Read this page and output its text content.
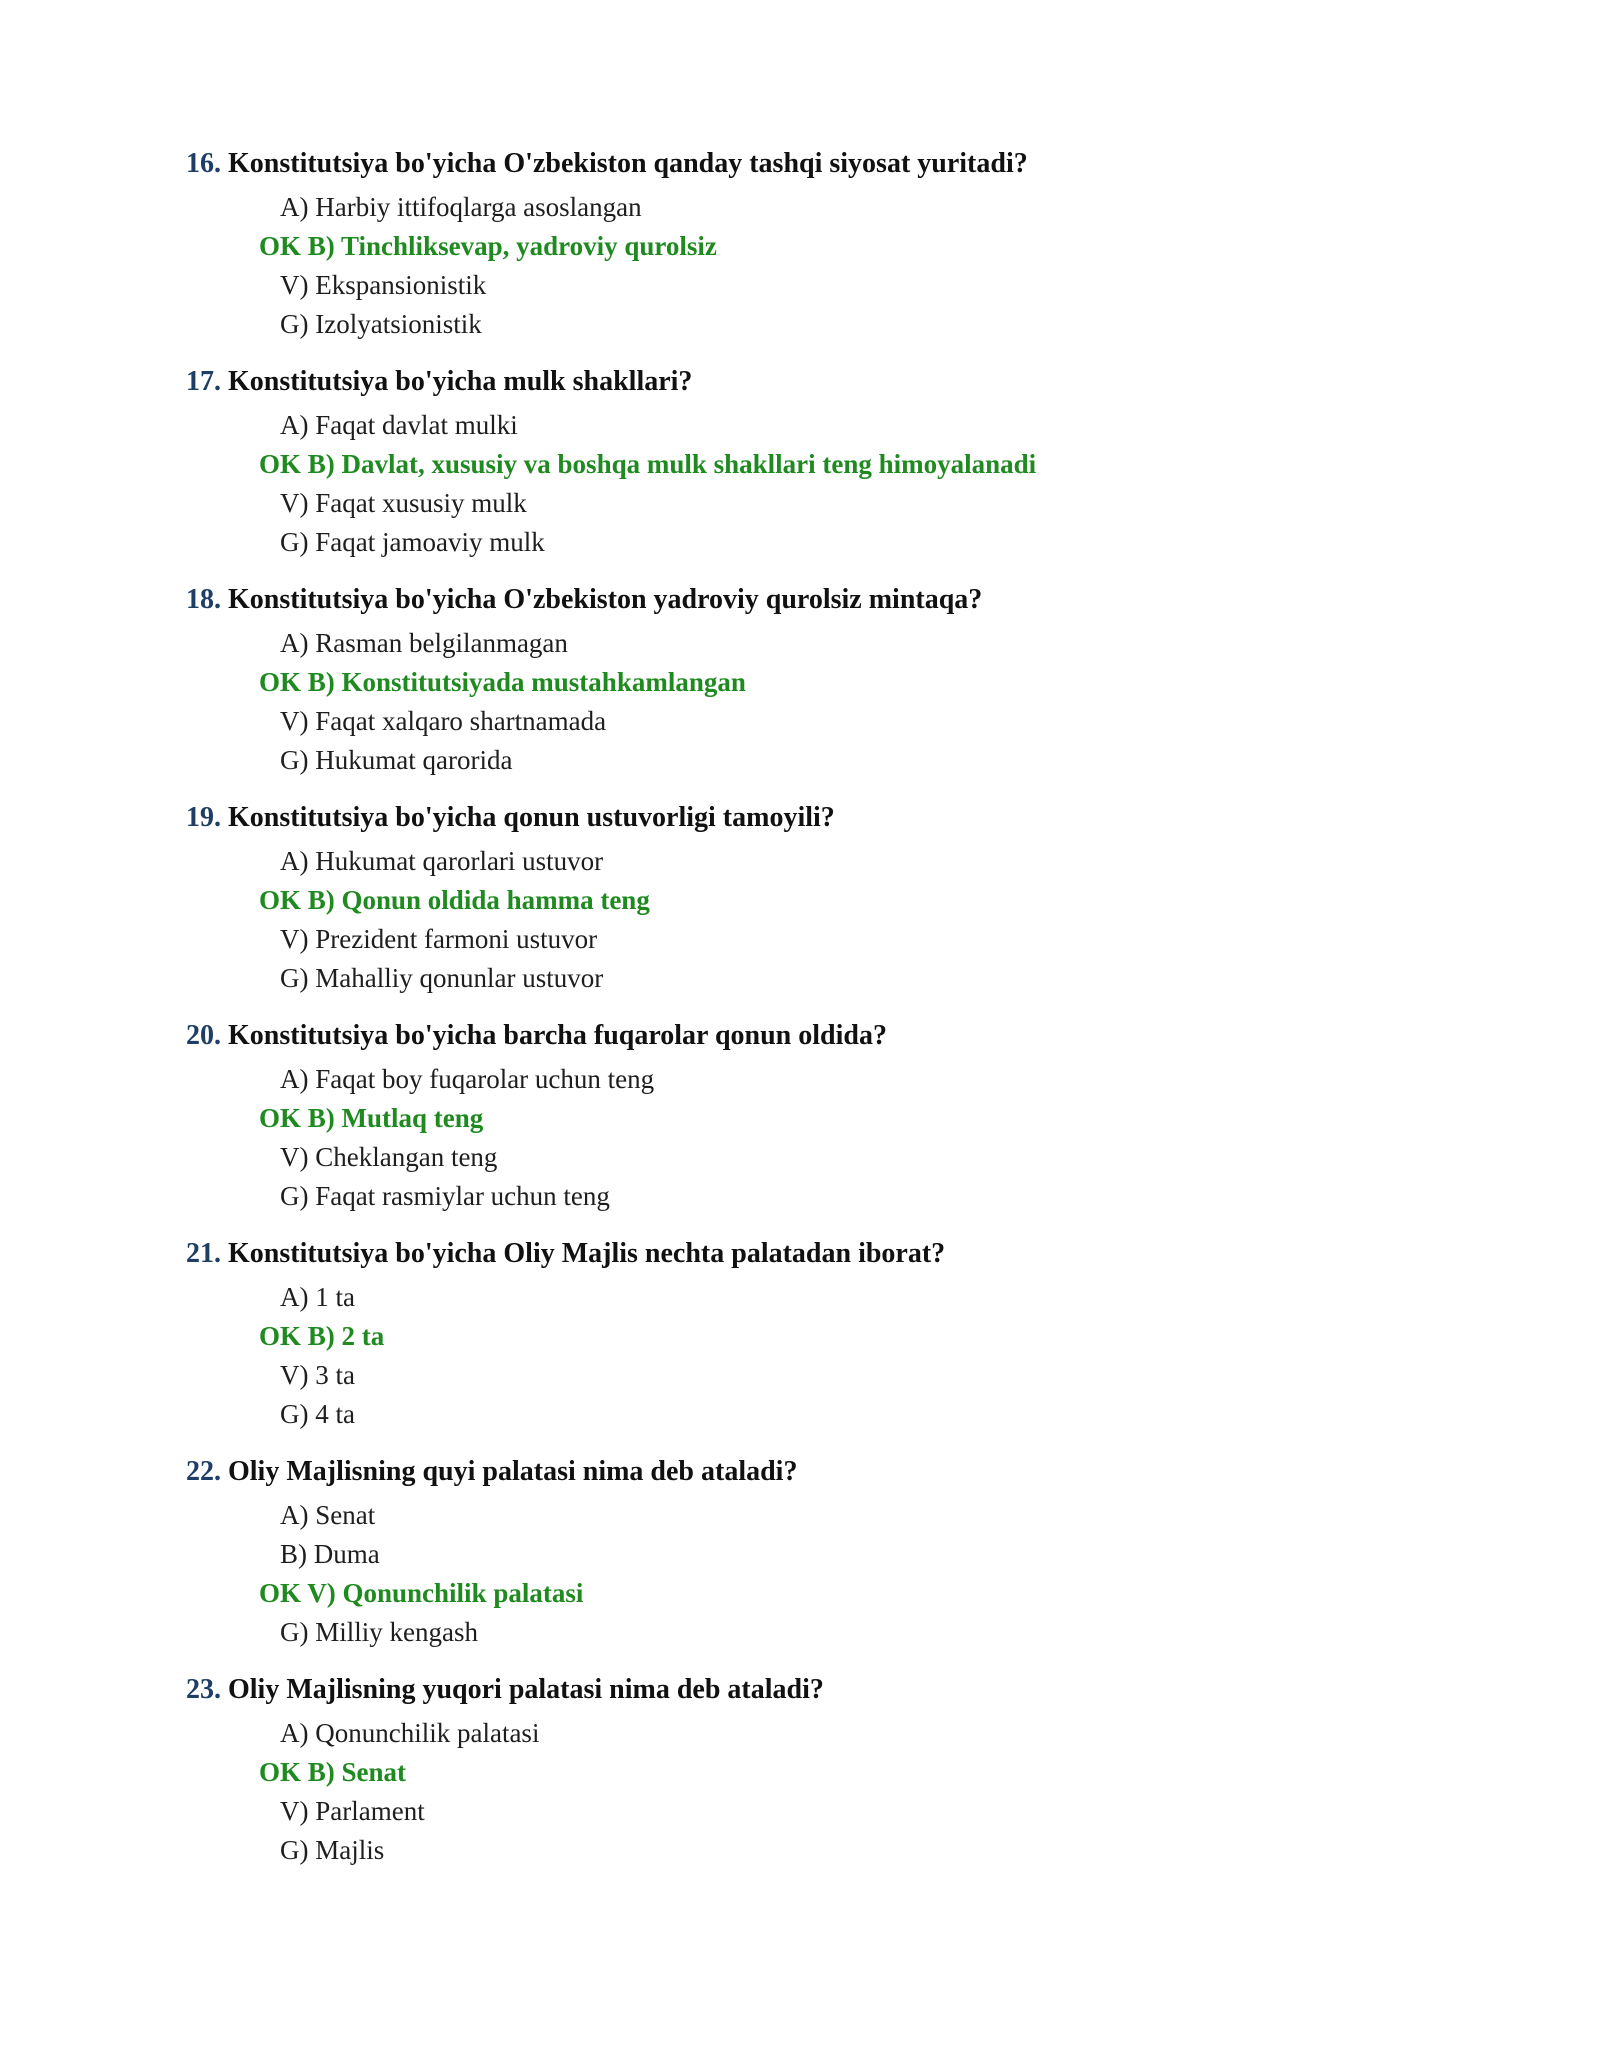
16. Konstitutsiya bo'yicha O'zbekiston qanday tashqi siyosat yuritadi?
A) Harbiy ittifoqlarga asoslangan
OK B) Tinchliksevap, yadroviy qurolsiz
V) Ekspansionistik
G) Izolyatsionistik
17. Konstitutsiya bo'yicha mulk shakllari?
A) Faqat davlat mulki
OK B) Davlat, xususiy va boshqa mulk shakllari teng himoyalanadi
V) Faqat xususiy mulk
G) Faqat jamoaviy mulk
18. Konstitutsiya bo'yicha O'zbekiston yadroviy qurolsiz mintaqa?
A) Rasman belgilanmagan
OK B) Konstitutsiyada mustahkamlangan
V) Faqat xalqaro shartnamada
G) Hukumat qarorida
19. Konstitutsiya bo'yicha qonun ustuvorligi tamoyili?
A) Hukumat qarorlari ustuvor
OK B) Qonun oldida hamma teng
V) Prezident farmoni ustuvor
G) Mahalliy qonunlar ustuvor
20. Konstitutsiya bo'yicha barcha fuqarolar qonun oldida?
A) Faqat boy fuqarolar uchun teng
OK B) Mutlaq teng
V) Cheklangan teng
G) Faqat rasmiylar uchun teng
21. Konstitutsiya bo'yicha Oliy Majlis nechta palatadan iborat?
A) 1 ta
OK B) 2 ta
V) 3 ta
G) 4 ta
22. Oliy Majlisning quyi palatasi nima deb ataladi?
A) Senat
B) Duma
OK V) Qonunchilik palatasi
G) Milliy kengash
23. Oliy Majlisning yuqori palatasi nima deb ataladi?
A) Qonunchilik palatasi
OK B) Senat
V) Parlament
G) Majlis
